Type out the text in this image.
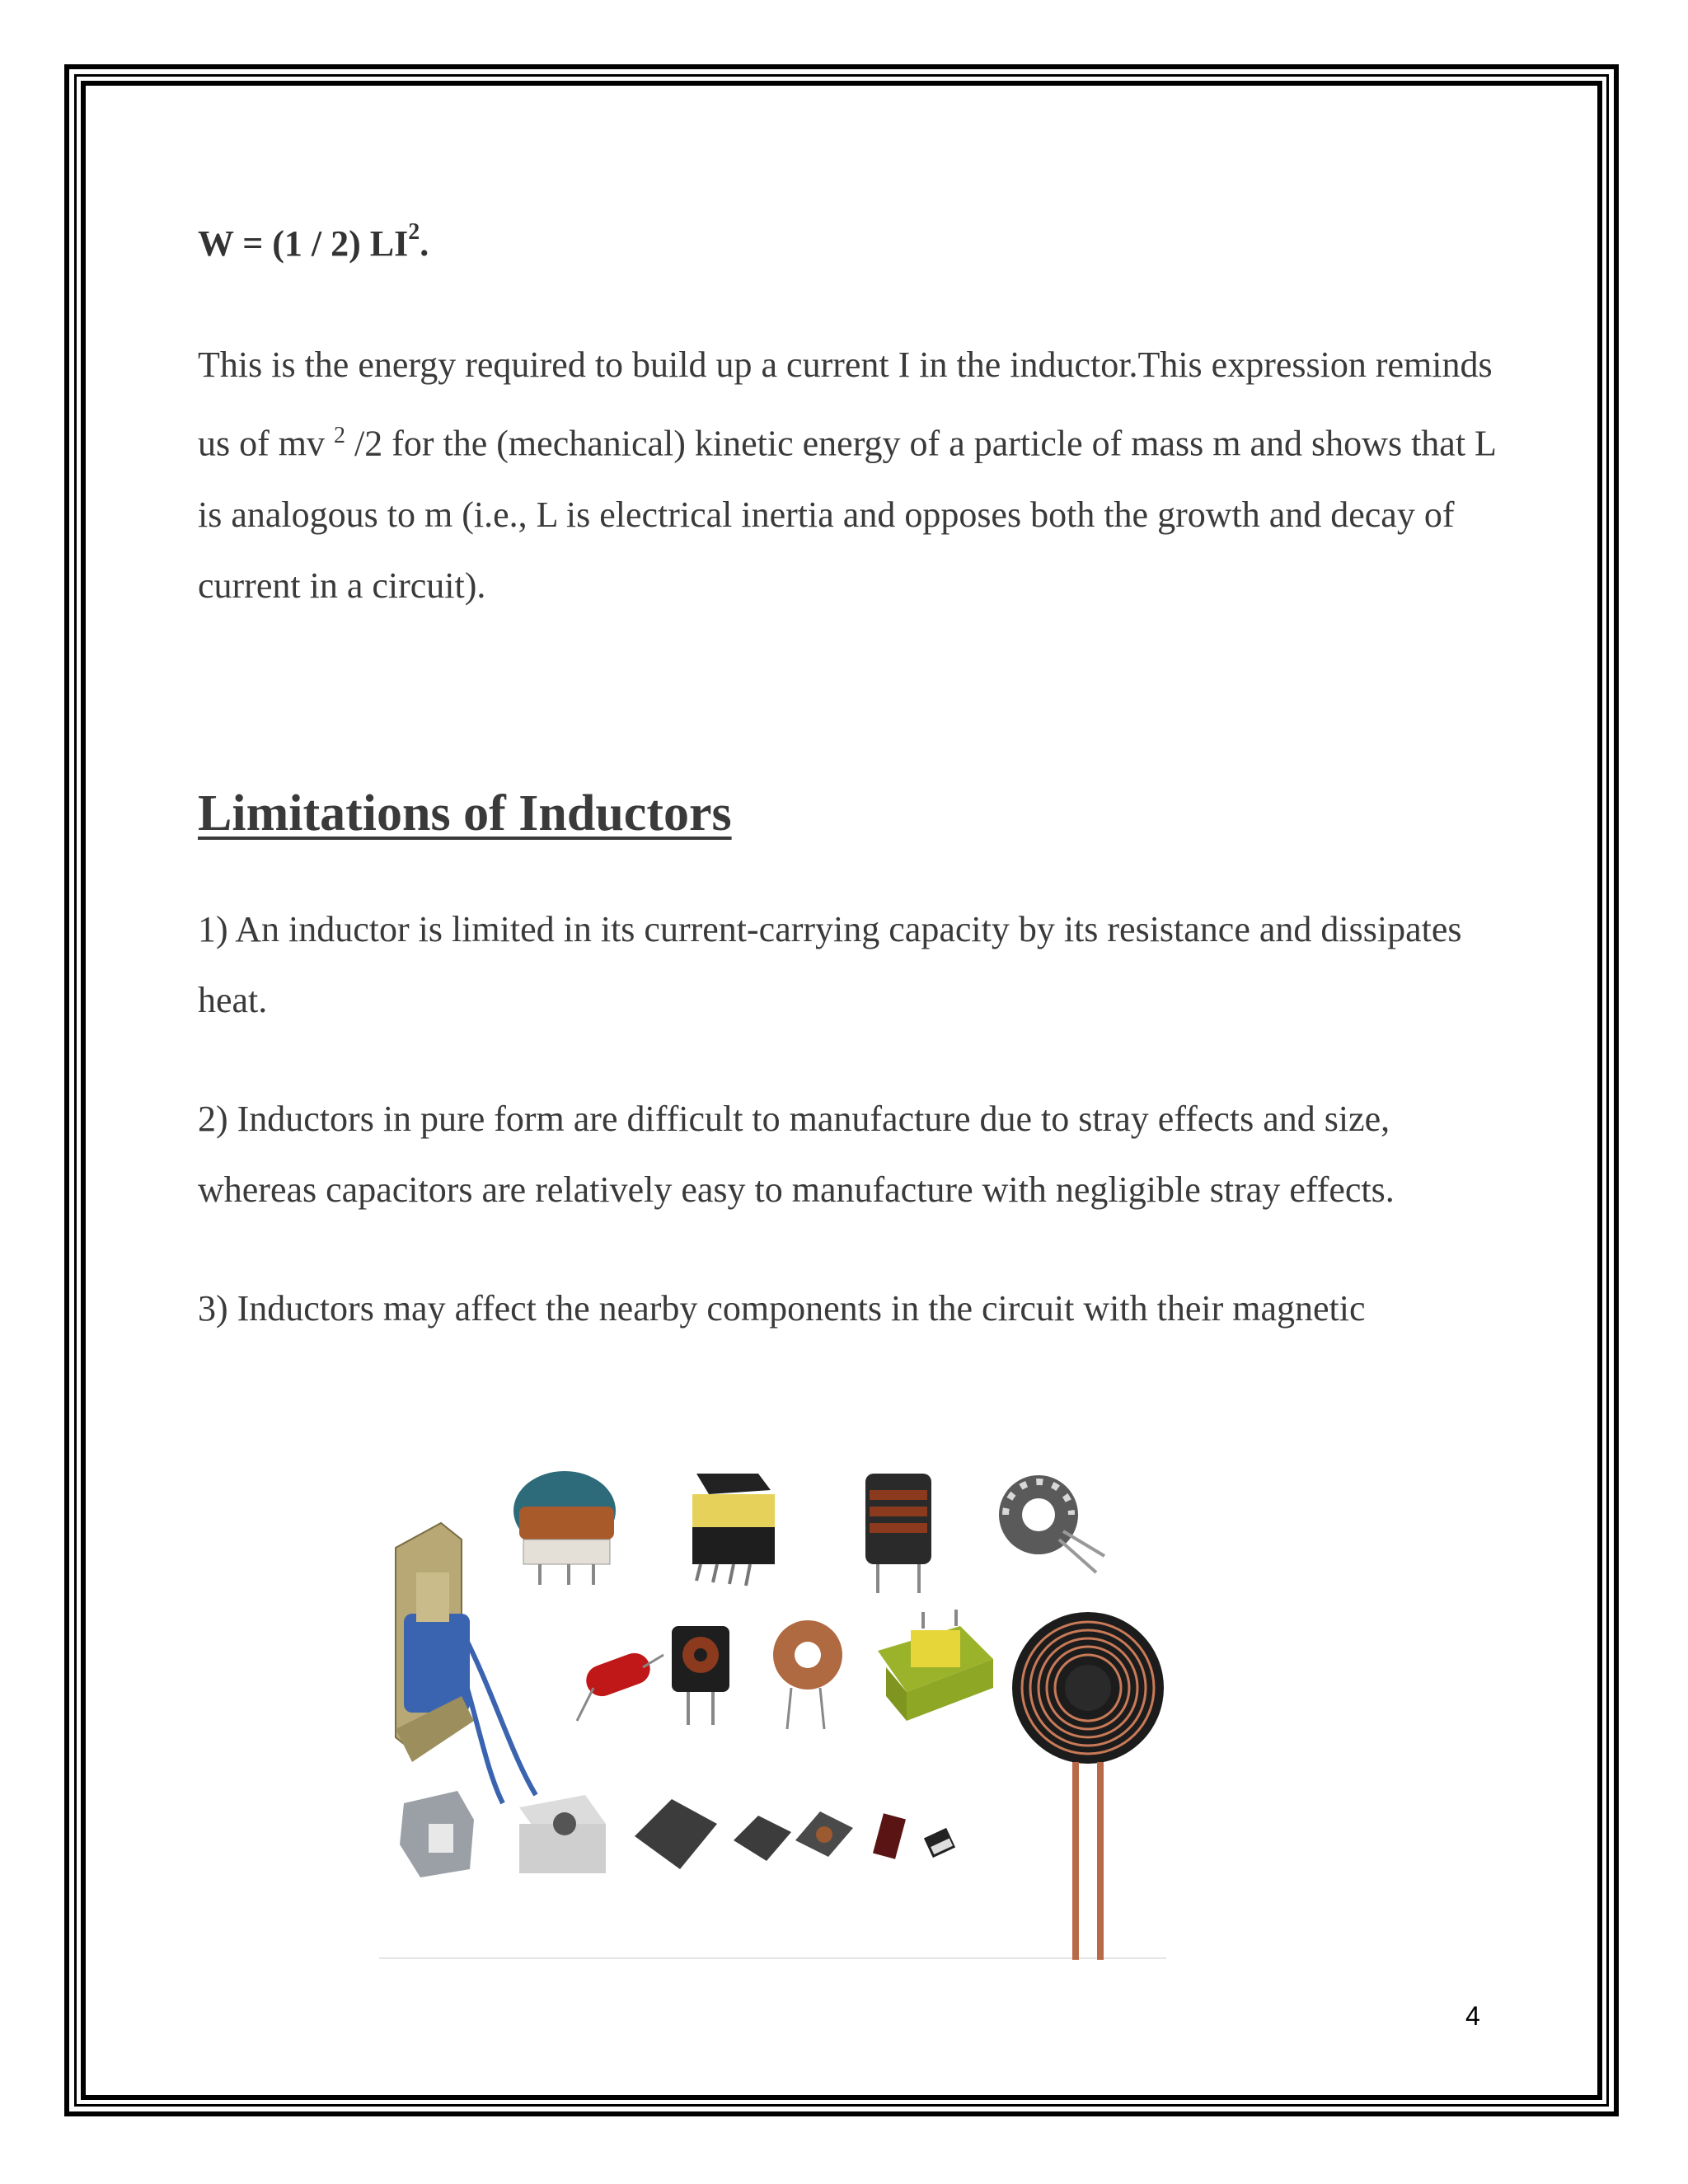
W = (1 / 2) $LI^2$.
This is the energy required to build up a current I in the inductor.This expression reminds us of mv $^2$ /2 for the (mechanical) kinetic energy of a particle of mass m and shows that L is analogous to m (i.e., L is electrical inertia and opposes both the growth and decay of current in a circuit).
Limitations of Inductors
1) An inductor is limited in its current-carrying capacity by its resistance and dissipates heat.
2) Inductors in pure form are difficult to manufacture due to stray effects and size, whereas capacitors are relatively easy to manufacture with negligible stray effects.
3) Inductors may affect the nearby components in the circuit with their magnetic
4
